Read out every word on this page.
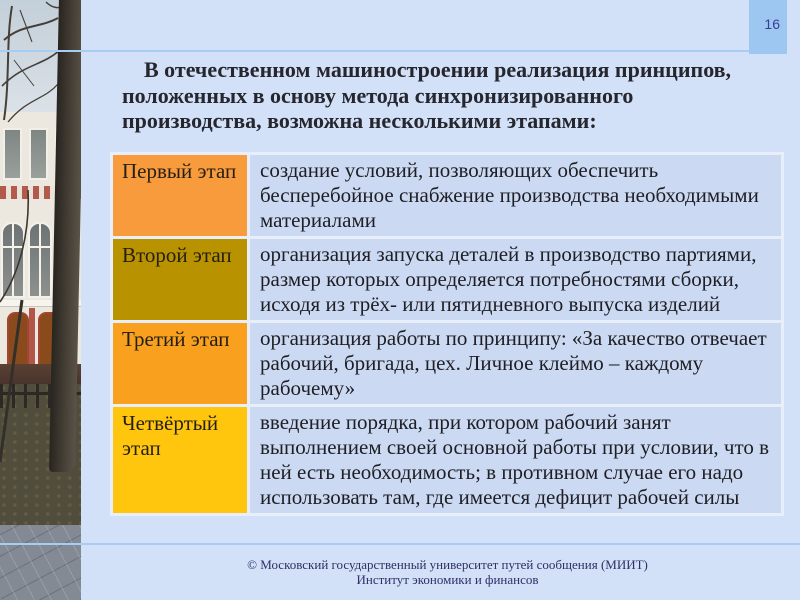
16
В отечественном машиностроении реализация принципов,
положенных в основу метода синхронизированного
производства, возможна несколькими этапами:
Первый этап	создание условий, позволяющих обеспечить бесперебойное снабжение производства необходимыми материалами
Второй этап	организация запуска деталей в производство партиями, размер которых определяется потребностями сборки, исходя из трёх- или пятидневного выпуска изделий
Третий этап	организация работы по принципу: «За качество отвечает рабочий, бригада, цех. Личное клеймо – каждому рабочему»
Четвёртый этап	введение порядка, при котором рабочий занят выполнением своей основной работы при условии, что в ней есть необходимость; в противном случае его надо использовать там, где имеется дефицит рабочей силы
© Московский государственный университет путей сообщения (МИИТ)
Институт экономики и финансов
